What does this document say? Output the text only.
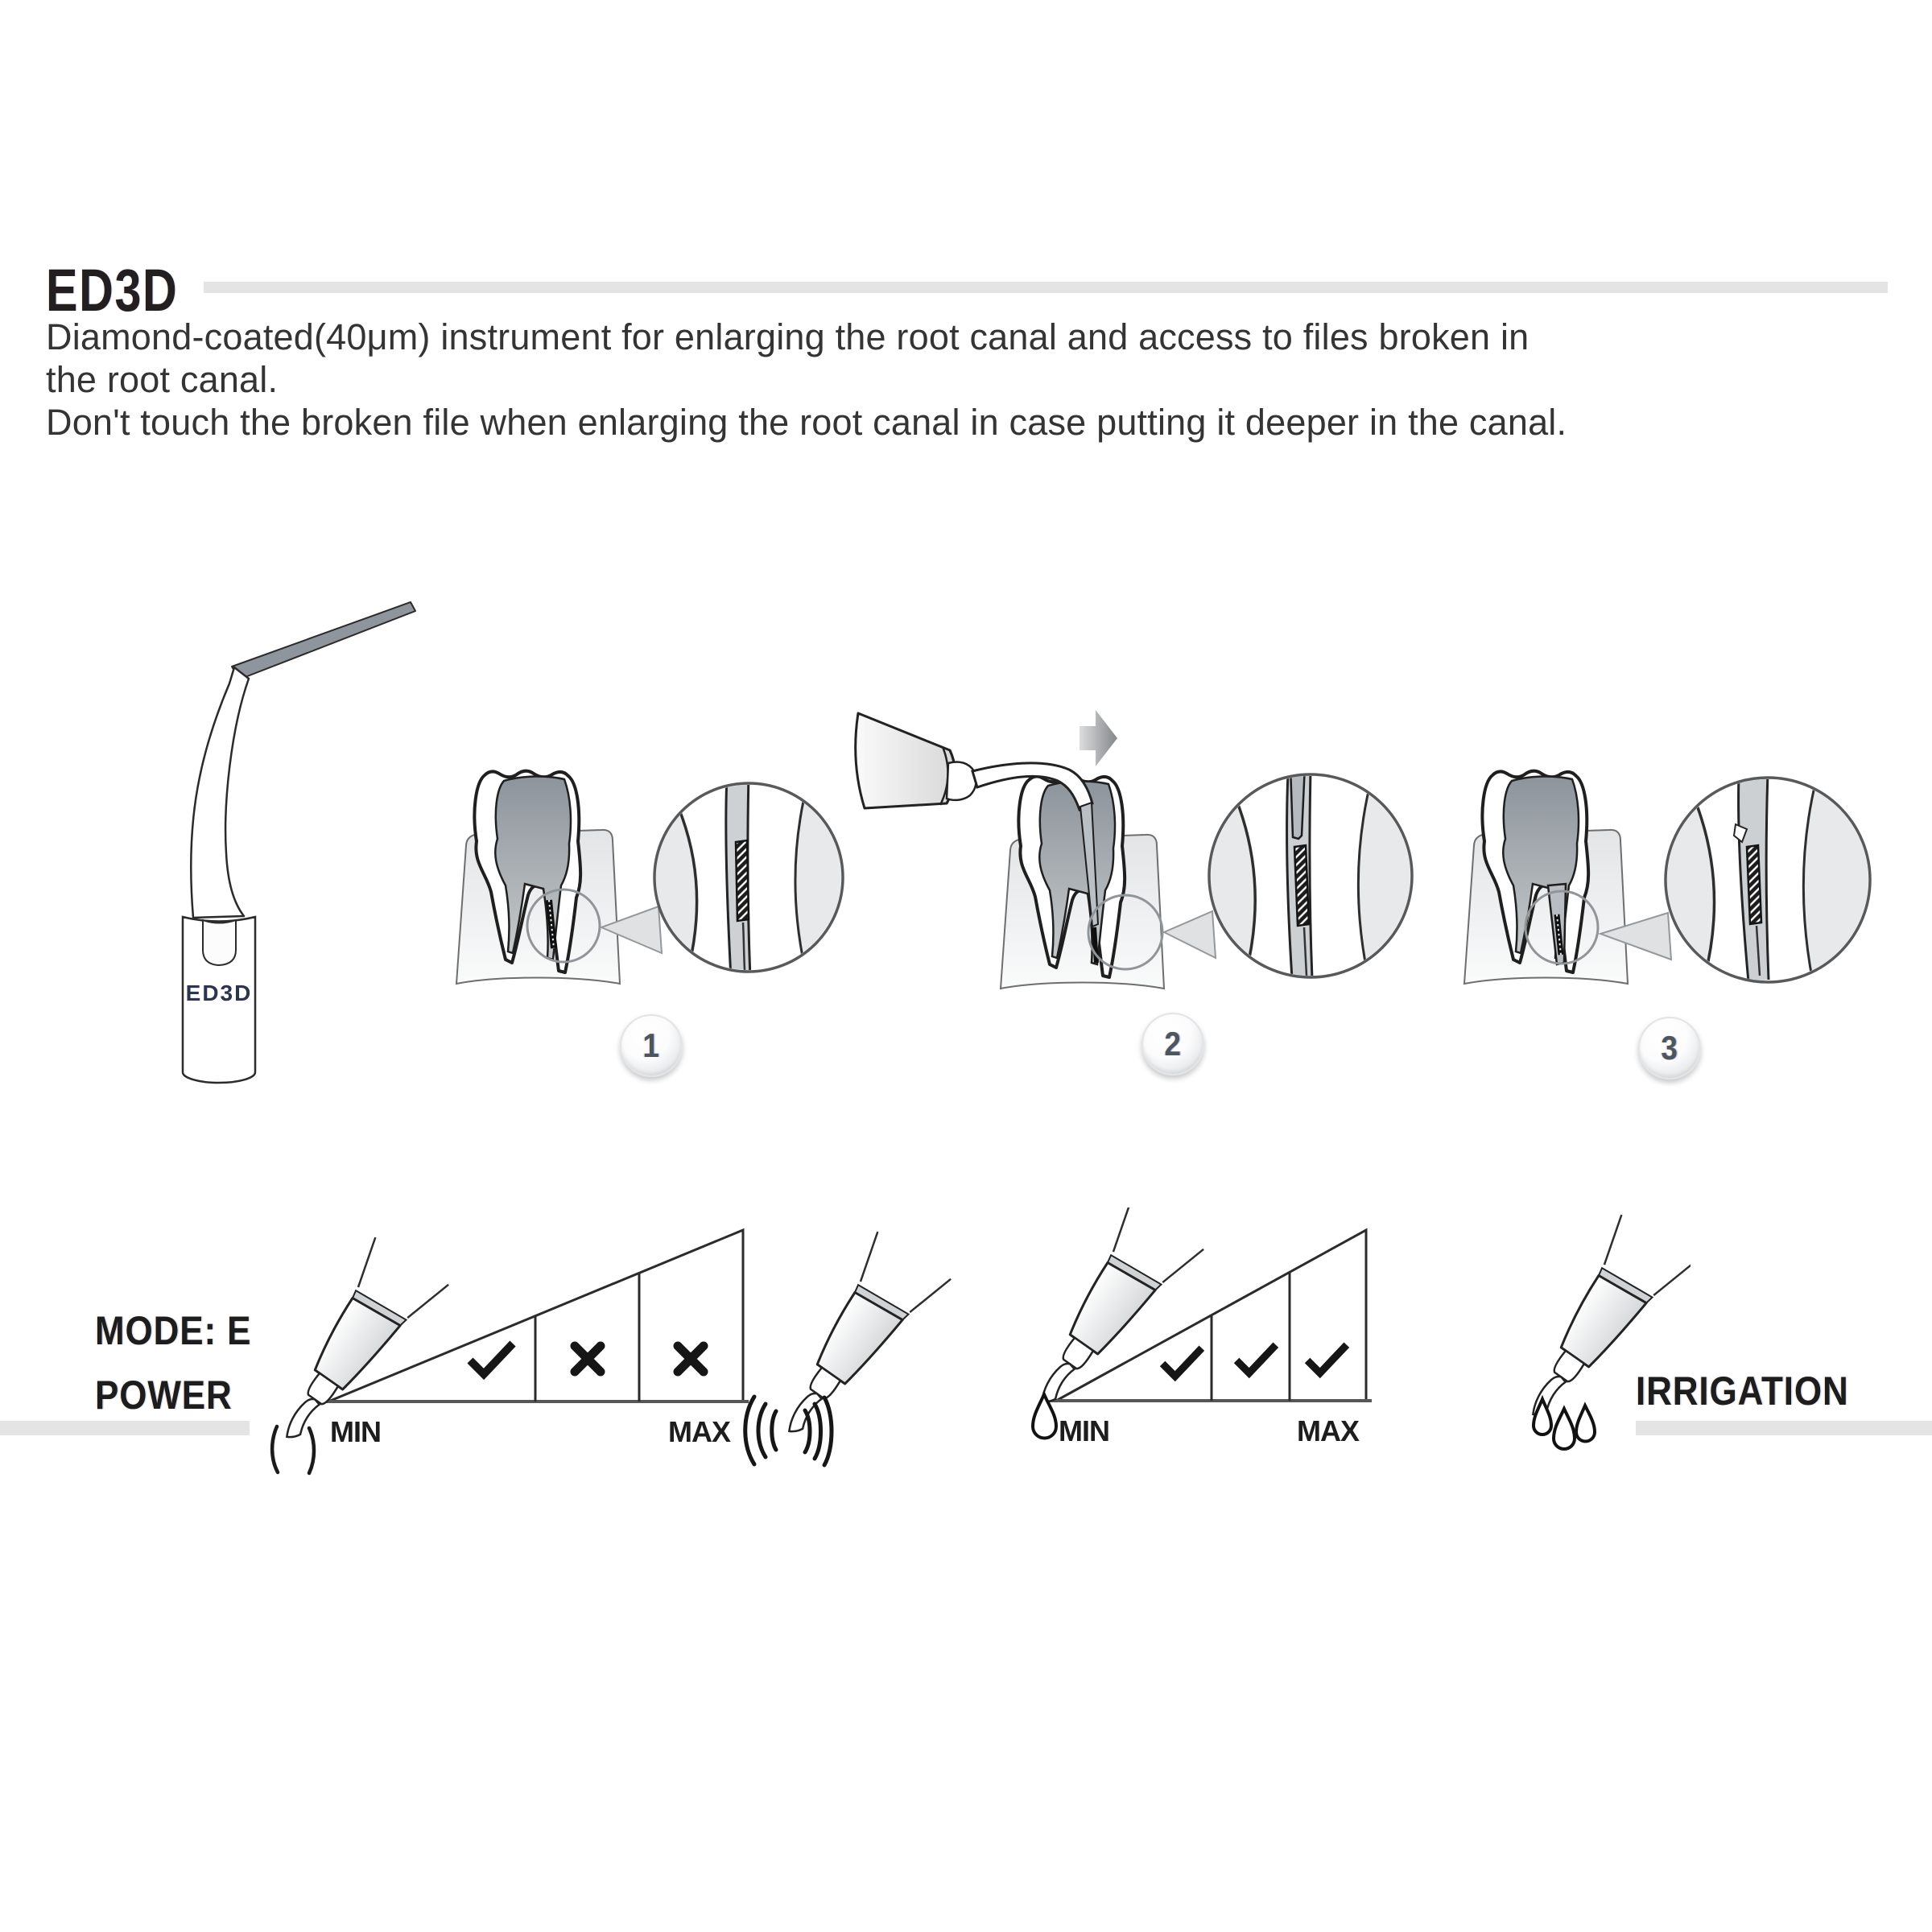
ED3D
Diamond-coated(40μm) instrument for enlarging the root canal and access to files broken in
the root canal.
Don't touch the broken file when enlarging the root canal in case putting it deeper in the canal.
ED3D
1	2	3
MODE: E
POWER	IRRIGATION
MIN	MAX	MIN	MAX
